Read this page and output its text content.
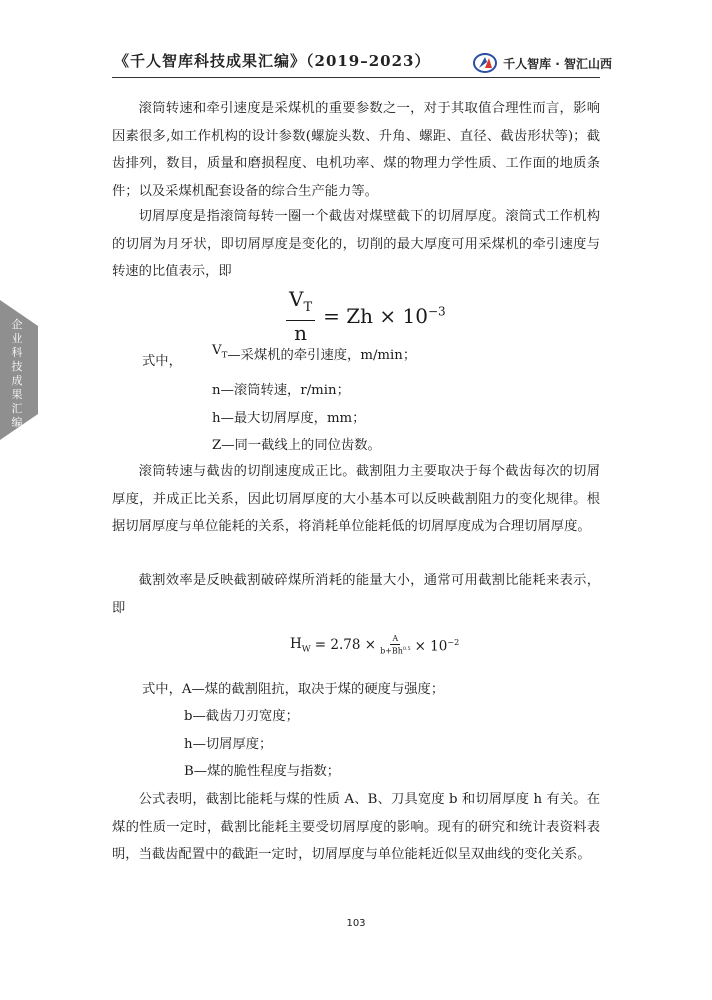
《千人智库科技成果汇编》（2019–2023）	千人智库 · 智汇山西
企业科技成果汇编
滚筒转速和牵引速度是采煤机的重要参数之一，对于其取值合理性而言，影响因素很多,如工作机构的设计参数(螺旋头数、升角、螺距、直径、截齿形状等)；截齿排列，数目，质量和磨损程度、电机功率、煤的物理力学性质、工作面的地质条件；以及采煤机配套设备的综合生产能力等。
切屑厚度是指滚筒每转一圈一个截齿对煤壁截下的切屑厚度。滚筒式工作机构的切屑为月牙状，即切屑厚度是变化的，切削的最大厚度可用采煤机的牵引速度与转速的比值表示，即
$\frac{V_T}{n} = Zh \times 10^{-3}$
式中，
$V_T—$采煤机的牵引速度，m/min；
n—滚筒转速，r/min；
h—最大切屑厚度，mm；
Z—同一截线上的同位齿数。
滚筒转速与截齿的切削速度成正比。截割阻力主要取决于每个截齿每次的切屑厚度，并成正比关系，因此切屑厚度的大小基本可以反映截割阻力的变化规律。根据切屑厚度与单位能耗的关系，将消耗单位能耗低的切屑厚度成为合理切屑厚度。
截割效率是反映截割破碎煤所消耗的能量大小，通常可用截割比能耗来表示，即
$H_W = 2.78 \times \frac{A}{b+Bh^{0.5}} \times 10^{-2}$
式中，A—煤的截割阻抗，取决于煤的硬度与强度；
b—截齿刀刃宽度；
h—切屑厚度；
B—煤的脆性程度与指数；
公式表明，截割比能耗与煤的性质 A、B、刀具宽度 b 和切屑厚度 h 有关。在煤的性质一定时，截割比能耗主要受切屑厚度的影响。现有的研究和统计表资料表明，当截齿配置中的截距一定时，切屑厚度与单位能耗近似呈双曲线的变化关系。
103
